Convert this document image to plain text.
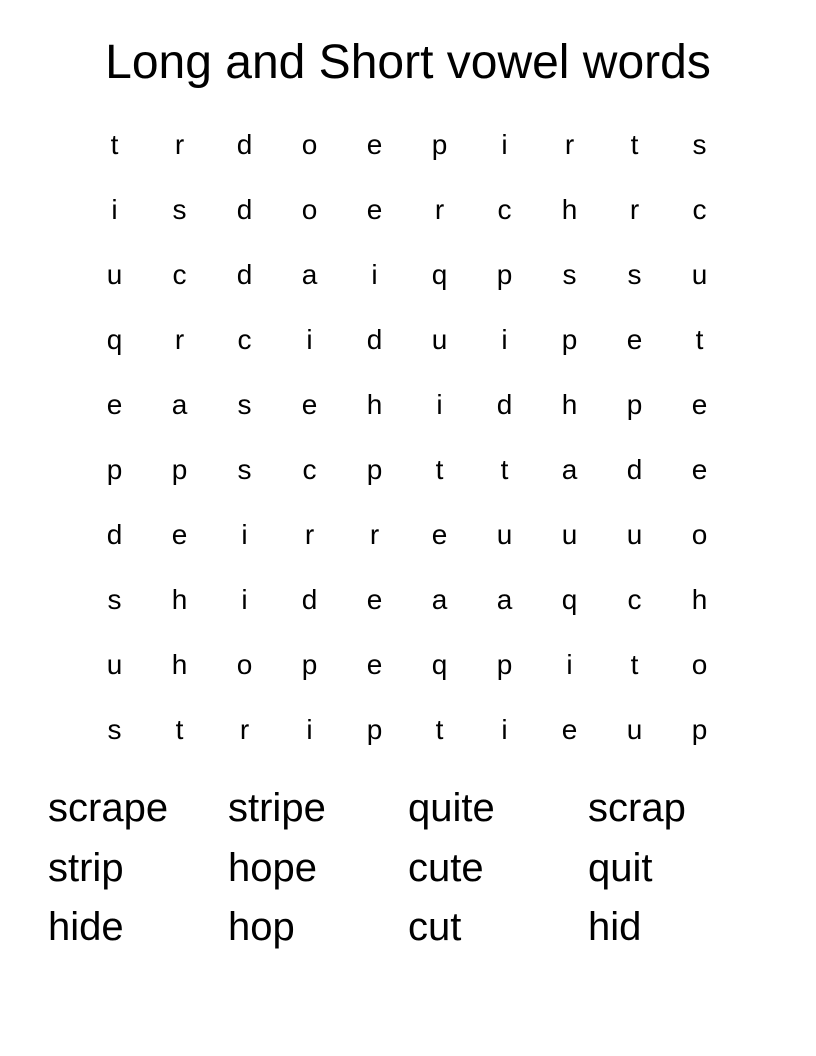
Long and Short vowel words
t	r	d	o	e	p	i	r	t	s
i	s	d	o	e	r	c	h	r	c
u	c	d	a	i	q	p	s	s	u
q	r	c	i	d	u	i	p	e	t
e	a	s	e	h	i	d	h	p	e
p	p	s	c	p	t	t	a	d	e
d	e	i	r	r	e	u	u	u	o
s	h	i	d	e	a	a	q	c	h
u	h	o	p	e	q	p	i	t	o
s	t	r	i	p	t	i	e	u	p
scrape	stripe	quite	scrap
strip	hope	cute	quit
hide	hop	cut	hid
